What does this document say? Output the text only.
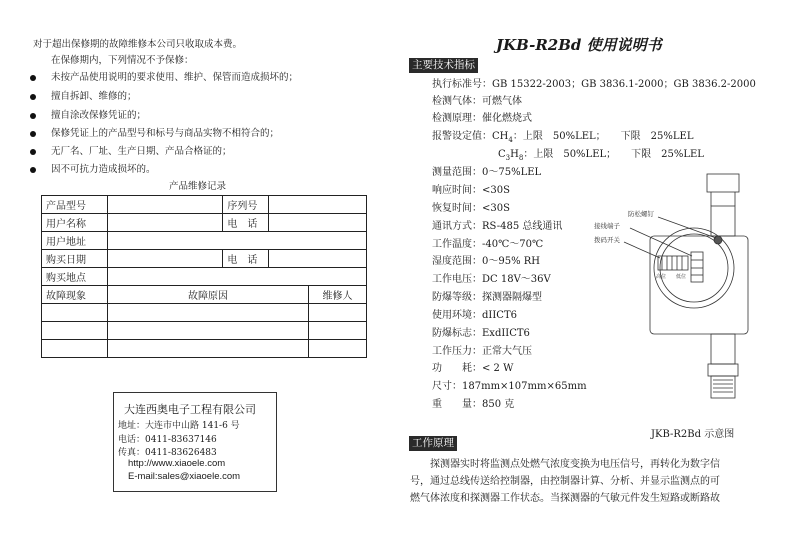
对于超出保修期的故障维修本公司只收取成本费。
在保修期内，下列情况不予保修：
未按产品使用说明的要求使用、维护、保管而造成损坏的；
擅自拆卸、维修的；
擅自涂改保修凭证的；
保修凭证上的产品型号和标号与商品实物不相符合的；
无厂名、厂址、生产日期、产品合格证的；
因不可抗力造成损坏的。
产品维修记录
产品型号		序列号		
用户名称		电　话		
用户地址				
购买日期		电　话		
购买地点				
故障现象	故障原因			维修人

大连西奥电子工程有限公司
地址：大连市中山路 141-6 号
电话：0411-83637146
传真：0411-83626483
http://www.xiaoele.com
E-mail:sales@xiaoele.com
JKB-R2Bd 使用说明书
主要技术指标
执行标准号：GB 15322-2003；GB 3836.1-2000；GB 3836.2-2000
检测气体：可燃气体
检测原理：催化燃烧式
报警设定值：$CH_4$：上限　50%LEL；　　下限　25%LEL
$C_3H_8$：上限　50%LEL；　　下限　25%LEL
测量范围：0～75%LEL
响应时间：<30S
恢复时间：<30S
通讯方式：RS-485 总线通讯
工作温度：-40℃～70℃
湿度范围：0～95% RH
工作电压：DC 18V～36V
防爆等级：探测器隔爆型
使用环境：dIICT6
防爆标志：ExdIICT6
工作压力：正常大气压
功　　耗：< 2 W
尺寸：187mm×107mm×65mm
重　　量：850 克
防松螺钉
接线端子
拨码开关
高位 低位
JKB-R2Bd 示意图
工作原理
探测器实时将监测点处燃气浓度变换为电压信号，再转化为数字信
号，通过总线传送给控制器，由控制器计算、分析、并显示监测点的可
燃气体浓度和探测器工作状态。当探测器的气敏元件发生短路或断路故
